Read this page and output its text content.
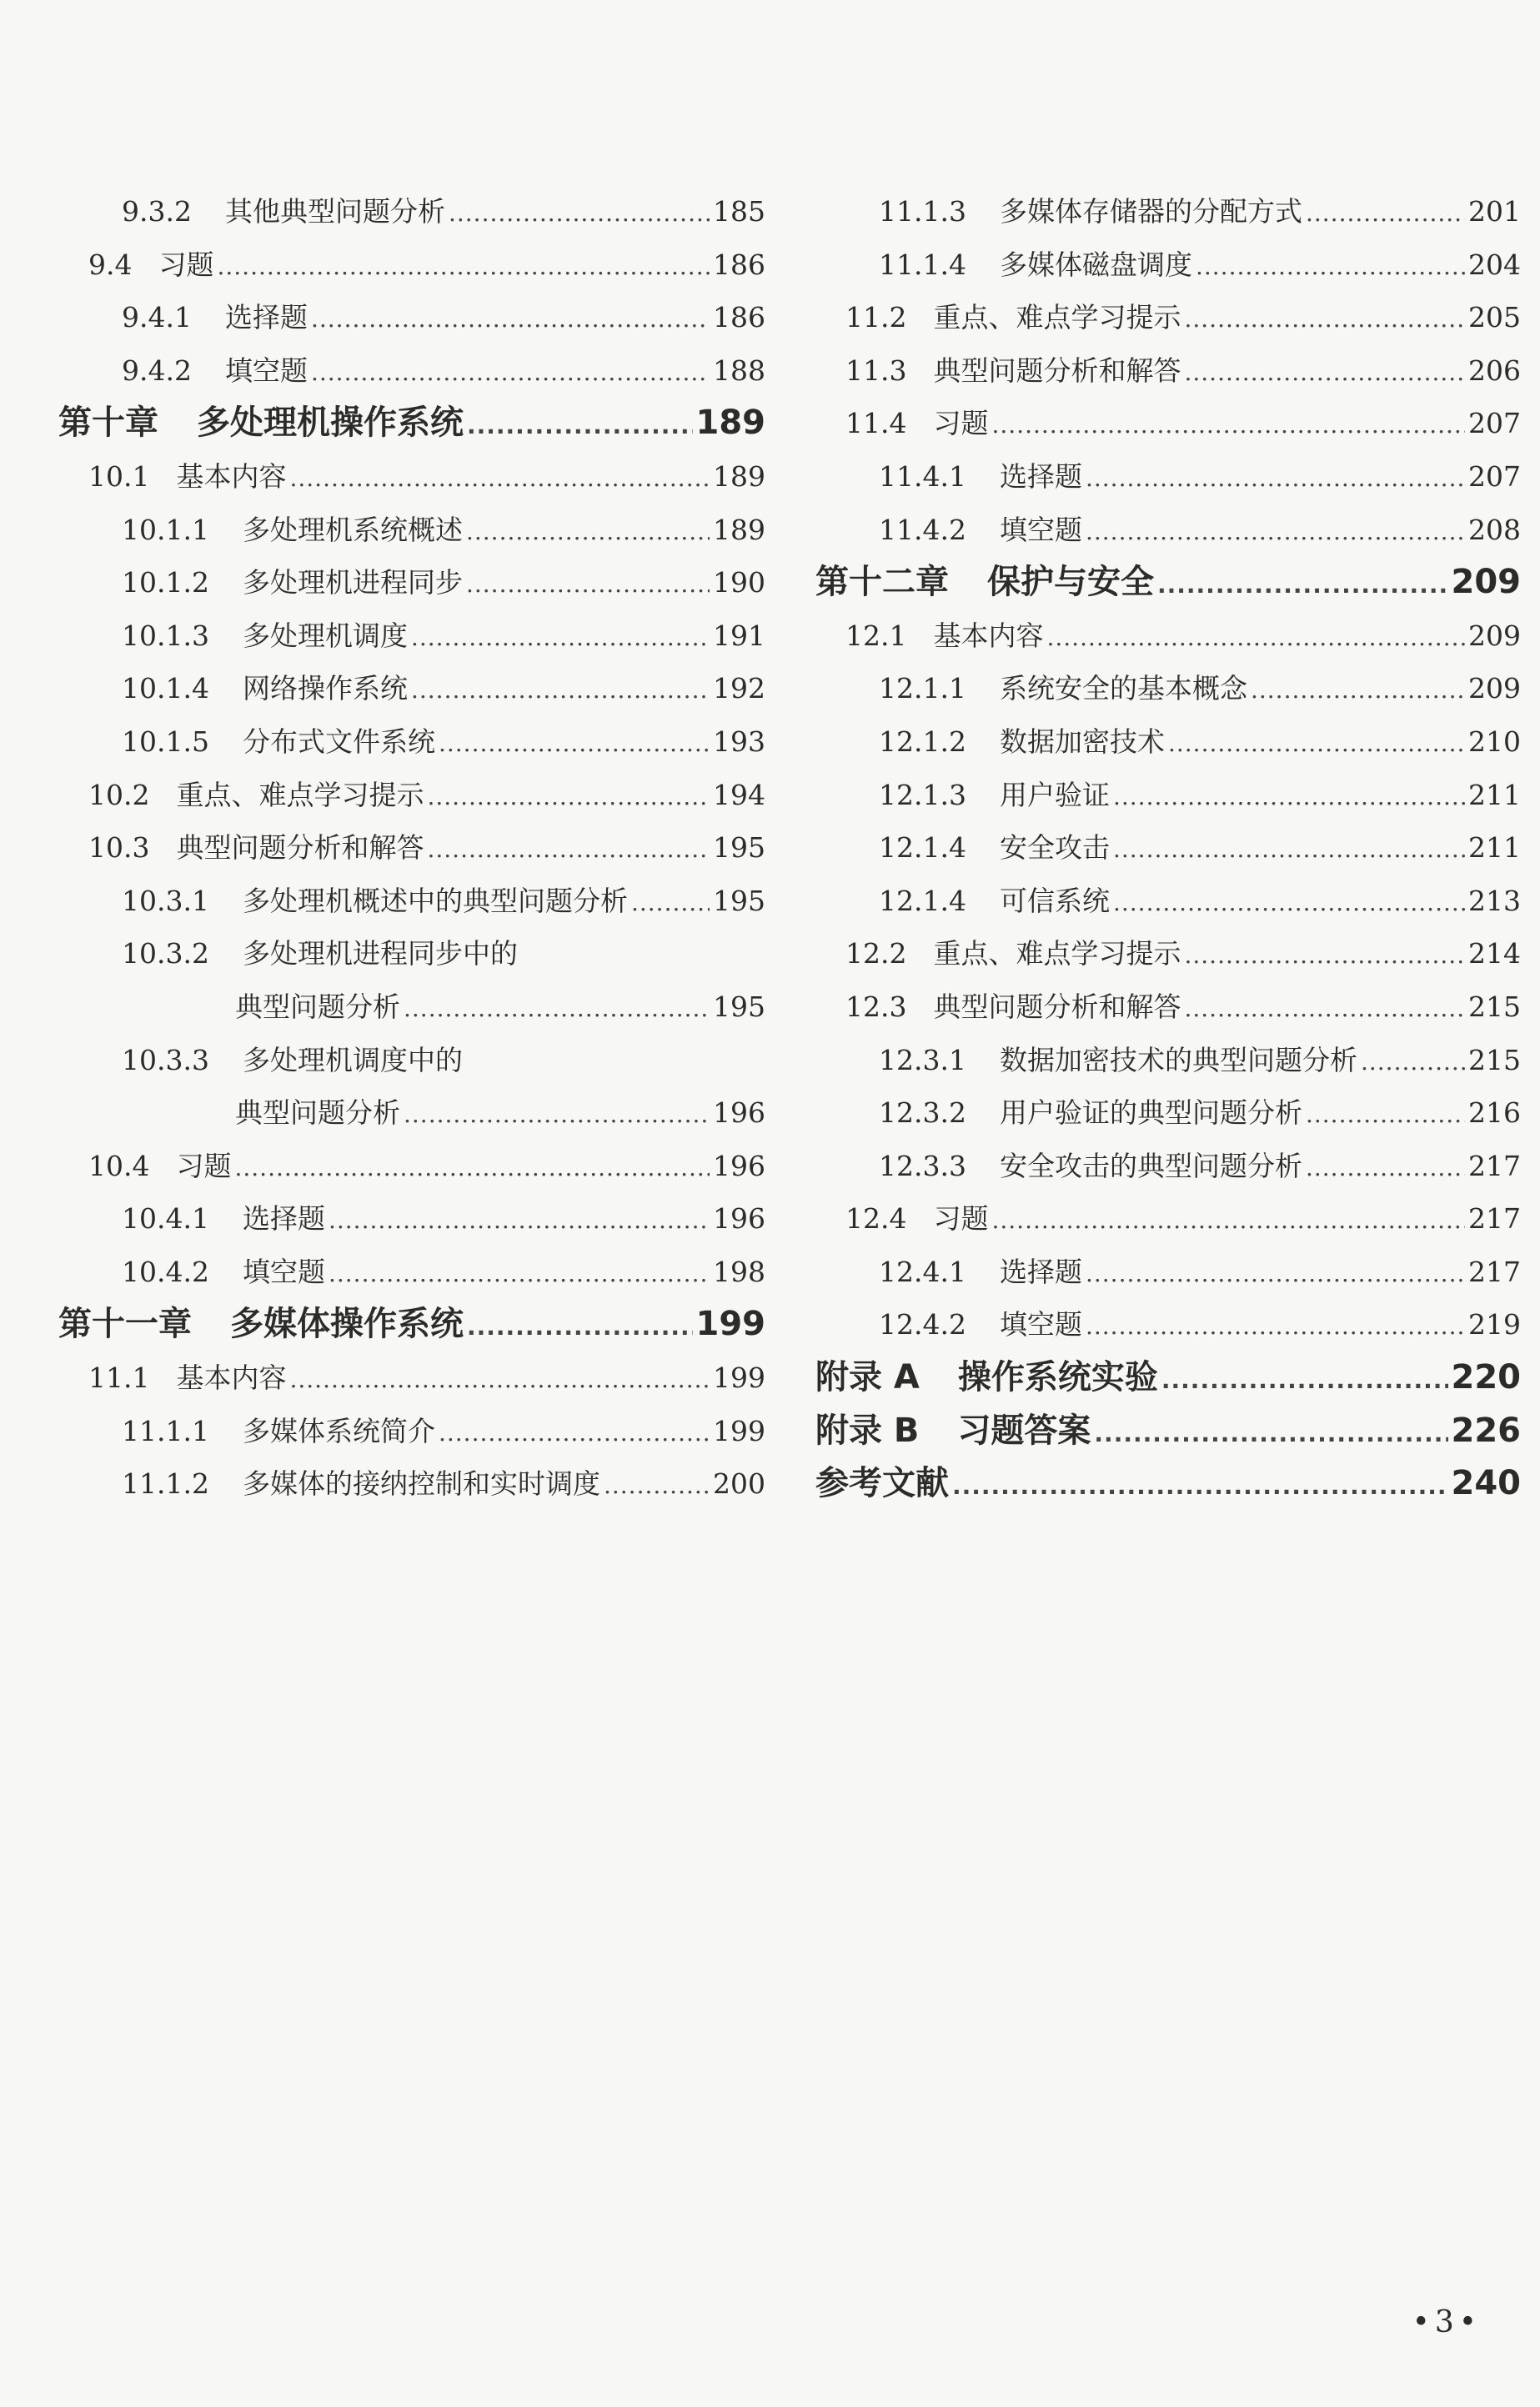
9.3.2 其他典型问题分析 .....	185
9.4 习题 .....	186
9.4.1 选择题 .....	186
9.4.2 填空题 .....	188
第十章 多处理机操作系统 .....	189
10.1 基本内容 .....	189
10.1.1 多处理机系统概述 .....	189
10.1.2 多处理机进程同步 .....	190
10.1.3 多处理机调度 .....	191
10.1.4 网络操作系统 .....	192
10.1.5 分布式文件系统 .....	193
10.2 重点、难点学习提示 .....	194
10.3 典型问题分析和解答 .....	195
10.3.1 多处理机概述中的典型问题分析 .....	195
10.3.2 多处理机进程同步中的
典型问题分析 .....	195
10.3.3 多处理机调度中的
典型问题分析 .....	196
10.4 习题 .....	196
10.4.1 选择题 .....	196
10.4.2 填空题 .....	198
第十一章 多媒体操作系统 .....	199
11.1 基本内容 .....	199
11.1.1 多媒体系统简介 .....	199
11.1.2 多媒体的接纳控制和实时调度 .....	200
11.1.3 多媒体存储器的分配方式 .....	201
11.1.4 多媒体磁盘调度 .....	204
11.2 重点、难点学习提示 .....	205
11.3 典型问题分析和解答 .....	206
11.4 习题 .....	207
11.4.1 选择题 .....	207
11.4.2 填空题 .....	208
第十二章 保护与安全 .....	209
12.1 基本内容 .....	209
12.1.1 系统安全的基本概念 .....	209
12.1.2 数据加密技术 .....	210
12.1.3 用户验证 .....	211
12.1.4 安全攻击 .....	211
12.1.4 可信系统 .....	213
12.2 重点、难点学习提示 .....	214
12.3 典型问题分析和解答 .....	215
12.3.1 数据加密技术的典型问题分析 .....	215
12.3.2 用户验证的典型问题分析 .....	216
12.3.3 安全攻击的典型问题分析 .....	217
12.4 习题 .....	217
12.4.1 选择题 .....	217
12.4.2 填空题 .....	219
附录 A 操作系统实验 .....	220
附录 B 习题答案 .....	226
参考文献 .....	240
•3•
